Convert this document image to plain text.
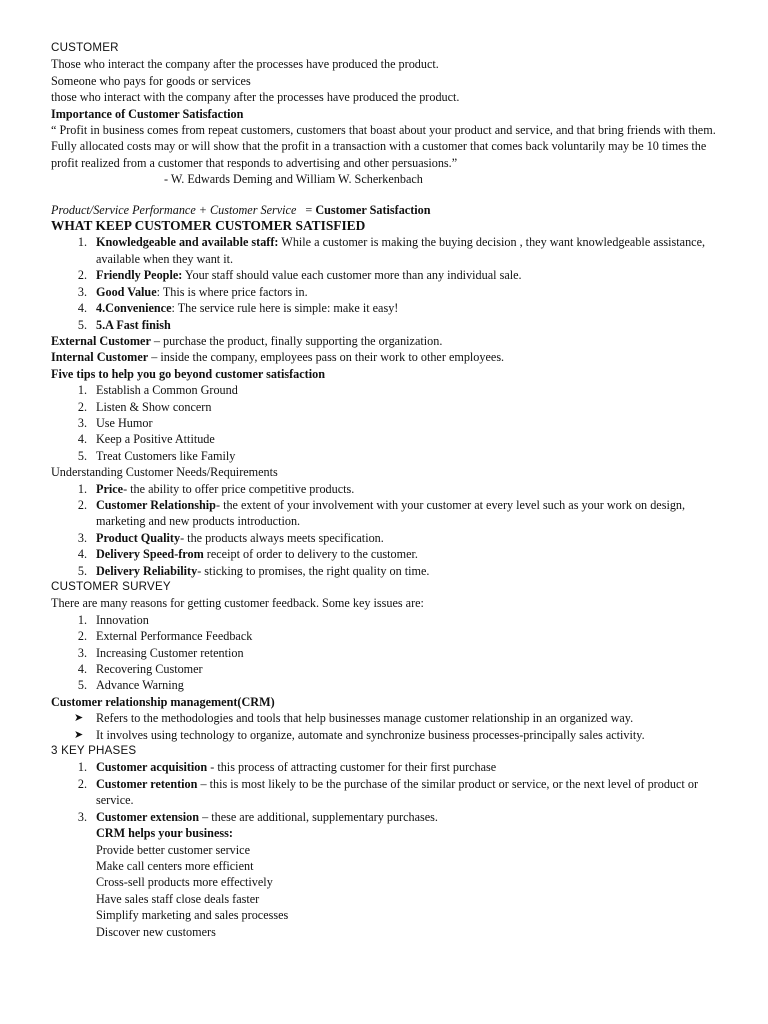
CUSTOMER
Those who interact the company after the processes have produced the product.
Someone who pays for goods or services
those who interact with the company after the processes have produced the product.
Importance of Customer Satisfaction
“ Profit in business comes from repeat customers, customers that boast about your product and service, and that bring friends with them. Fully allocated costs may or will show that the profit in a transaction with a customer that comes back voluntarily may be 10 times the profit realized from a customer that responds to advertising and other persuasions.”
- W. Edwards Deming and William W. Scherkenbach
Product/Service Performance + Customer Service = Customer Satisfaction
WHAT KEEP CUSTOMER CUSTOMER SATISFIED
1. Knowledgeable and available staff: While a customer is making the buying decision , they want knowledgeable assistance, available when they want it.
2. Friendly People: Your staff should value each customer more than any individual sale.
3. Good Value: This is where price factors in.
4. 4.Convenience: The service rule here is simple: make it easy!
5. 5.A Fast finish
External Customer – purchase the product, finally supporting the organization.
Internal Customer – inside the company, employees pass on their work to other employees.
Five tips to help you go beyond customer satisfaction
1. Establish a Common Ground
2. Listen & Show concern
3. Use Humor
4. Keep a Positive Attitude
5. Treat Customers like Family
Understanding Customer Needs/Requirements
1. Price- the ability to offer price competitive products.
2. Customer Relationship- the extent of your involvement with your customer at every level such as your work on design, marketing and new products introduction.
3. Product Quality- the products always meets specification.
4. Delivery Speed-from receipt of order to delivery to the customer.
5. Delivery Reliability- sticking to promises, the right quality on time.
CUSTOMER SURVEY
There are many reasons for getting customer feedback. Some key issues are:
1. Innovation
2. External Performance Feedback
3. Increasing Customer retention
4. Recovering Customer
5. Advance Warning
Customer relationship management(CRM)
➤ Refers to the methodologies and tools that help businesses manage customer relationship in an organized way.
➤ It involves using technology to organize, automate and synchronize business processes-principally sales activity.
3 KEY PHASES
1. Customer acquisition - this process of attracting customer for their first purchase
2. Customer retention – this is most likely to be the purchase of the similar product or service, or the next level of product or service.
3. Customer extension – these are additional, supplementary purchases.
CRM helps your business:
Provide better customer service
Make call centers more efficient
Cross-sell products more effectively
Have sales staff close deals faster
Simplify marketing and sales processes
Discover new customers
